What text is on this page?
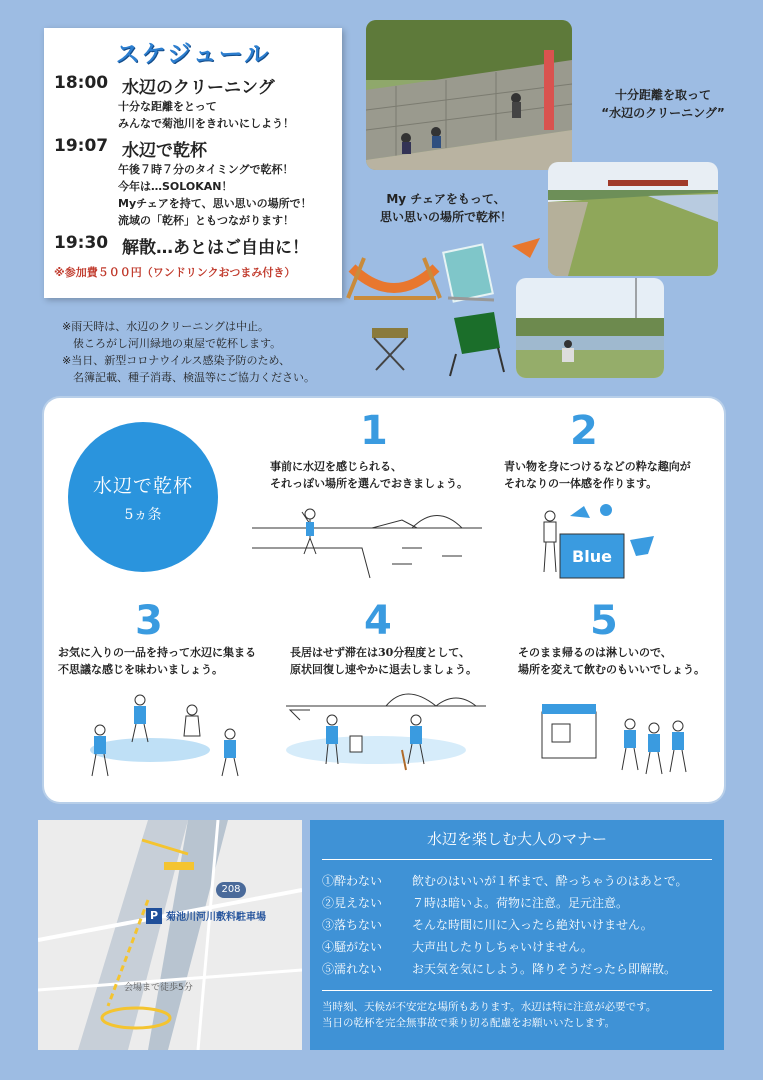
スケジュール
18:00 水辺のクリーニング
十分な距離をとって
みんなで菊池川をきれいにしよう！
19:07 水辺で乾杯
午後７時７分のタイミングで乾杯！
今年は…SOLOKAN！
Myチェアを持て、思い思いの場所で！
流域の「乾杯」ともつながります！
19:30 解散…あとはご自由に！
※参加費５００円（ワンドリンクおつまみ付き）
十分距離を取って
“水辺のクリーニング”
My チェアをもって、
思い思いの場所で乾杯！
※雨天時は、水辺のクリーニングは中止。
　俵ころがし河川緑地の東屋で乾杯します。
※当日、新型コロナウイルス感染予防のため、
　名簿記載、種子消毒、検温等にご協力ください。
水辺で乾杯
5ヵ条
1
事前に水辺を感じられる、
それっぽい場所を選んでおきましょう。
2
青い物を身につけるなどの粋な趣向が
それなりの一体感を作ります。
Blue
3
お気に入りの一品を持って水辺に集まる
不思議な感じを味わいましょう。
4
長居はせず滞在は30分程度として、
原状回復し速やかに退去しましょう。
5
そのまま帰るのは淋しいので、
場所を変えて飲むのもいいでしょう。
208
P 菊池川河川敷料駐車場
会場まで徒歩5分
水辺を楽しむ大人のマナー
①酔わない	飲むのはいいが１杯まで、酔っちゃうのはあとで。
②見えない	７時は暗いよ。荷物に注意。足元注意。
③落ちない	そんな時間に川に入ったら絶対いけません。
④騒がない	大声出したりしちゃいけません。
⑤濡れない	お天気を気にしよう。降りそうだったら即解散。
当時刻、天候が不安定な場所もあります。水辺は特に注意が必要です。
当日の乾杯を完全無事故で乗り切る配慮をお願いいたします。
